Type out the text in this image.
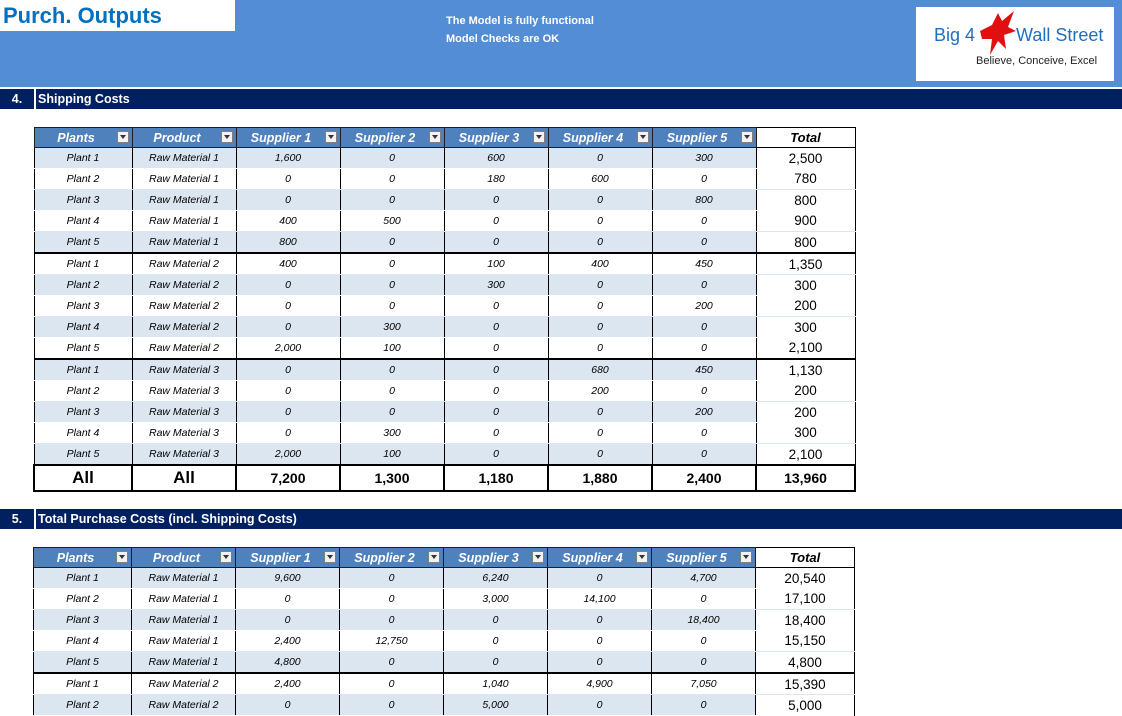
Purch. Outputs	The Model is fully functional
Model Checks are OK	Big 4 Wall Street
Believe, Conceive, Excel
4.	Shipping Costs
Plants	Product	Supplier 1	Supplier 2	Supplier 3	Supplier 4	Supplier 5	Total
Plant 1	Raw Material 1	1,600	0	600	0	300	2,500
Plant 2	Raw Material 1	0	0	180	600	0	780
Plant 3	Raw Material 1	0	0	0	0	800	800
Plant 4	Raw Material 1	400	500	0	0	0	900
Plant 5	Raw Material 1	800	0	0	0	0	800
Plant 1	Raw Material 2	400	0	100	400	450	1,350
Plant 2	Raw Material 2	0	0	300	0	0	300
Plant 3	Raw Material 2	0	0	0	0	200	200
Plant 4	Raw Material 2	0	300	0	0	0	300
Plant 5	Raw Material 2	2,000	100	0	0	0	2,100
Plant 1	Raw Material 3	0	0	0	680	450	1,130
Plant 2	Raw Material 3	0	0	0	200	0	200
Plant 3	Raw Material 3	0	0	0	0	200	200
Plant 4	Raw Material 3	0	300	0	0	0	300
Plant 5	Raw Material 3	2,000	100	0	0	0	2,100
All	All	7,200	1,300	1,180	1,880	2,400	13,960
5.	Total Purchase Costs (incl. Shipping Costs)
Plants	Product	Supplier 1	Supplier 2	Supplier 3	Supplier 4	Supplier 5	Total
Plant 1	Raw Material 1	9,600	0	6,240	0	4,700	20,540
Plant 2	Raw Material 1	0	0	3,000	14,100	0	17,100
Plant 3	Raw Material 1	0	0	0	0	18,400	18,400
Plant 4	Raw Material 1	2,400	12,750	0	0	0	15,150
Plant 5	Raw Material 1	4,800	0	0	0	0	4,800
Plant 1	Raw Material 2	2,400	0	1,040	4,900	7,050	15,390
Plant 2	Raw Material 2	0	0	5,000	0	0	5,000
